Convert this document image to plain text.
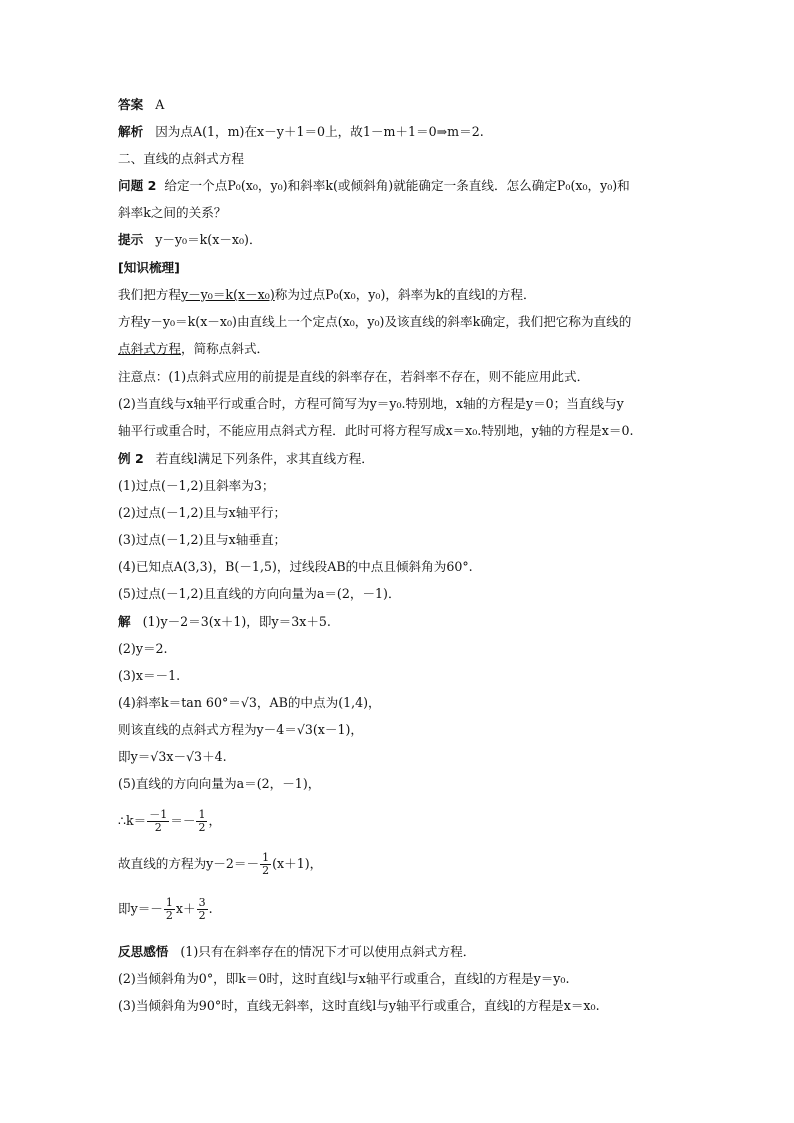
答案 A
解析 因为点A(1，m)在x－y＋1＝0上，故1－m＋1＝0⇒m＝2.
二、直线的点斜式方程
问题 2 给定一个点P₀(x₀，y₀)和斜率k(或倾斜角)就能确定一条直线．怎么确定P₀(x₀，y₀)和
斜率k之间的关系？
提示 y－y₀＝k(x－x₀)．
[知识梳理]
我们把方程y－y₀＝k(x－x₀)称为过点P₀(x₀，y₀)，斜率为k的直线l的方程．
方程y－y₀＝k(x－x₀)由直线上一个定点(x₀，y₀)及该直线的斜率k确定，我们把它称为直线的
点斜式方程，简称点斜式．
注意点：(1)点斜式应用的前提是直线的斜率存在，若斜率不存在，则不能应用此式．
(2)当直线与x轴平行或重合时，方程可简写为y＝y₀.特别地，x轴的方程是y＝0；当直线与y
轴平行或重合时，不能应用点斜式方程．此时可将方程写成x＝x₀.特别地，y轴的方程是x＝0.
例 2 若直线l满足下列条件，求其直线方程．
(1)过点(－1,2)且斜率为3；
(2)过点(－1,2)且与x轴平行；
(3)过点(－1,2)且与x轴垂直；
(4)已知点A(3,3)，B(－1,5)，过线段AB的中点且倾斜角为60°.
(5)过点(－1,2)且直线的方向向量为a＝(2，－1)．
解 (1)y－2＝3(x＋1)，即y＝3x＋5.
(2)y＝2.
(3)x＝－1.
(4)斜率k＝tan 60°＝√3，AB的中点为(1,4)，
则该直线的点斜式方程为y－4＝√3(x－1)，
即y＝√3x－√3＋4.
(5)直线的方向向量为a＝(2，－1)，
∴k＝ $\frac{-1}{2} =- \frac{1}{2}$ ，
故直线的方程为$y-2=- \frac{1}{2} (x+1)$，
即$y=- \frac{1}{2} x+ \frac{3}{2}$ .
反思感悟 (1)只有在斜率存在的情况下才可以使用点斜式方程．
(2)当倾斜角为0°，即k＝0时，这时直线l与x轴平行或重合，直线l的方程是y＝y₀.
(3)当倾斜角为90°时，直线无斜率，这时直线l与y轴平行或重合，直线l的方程是x＝x₀.
